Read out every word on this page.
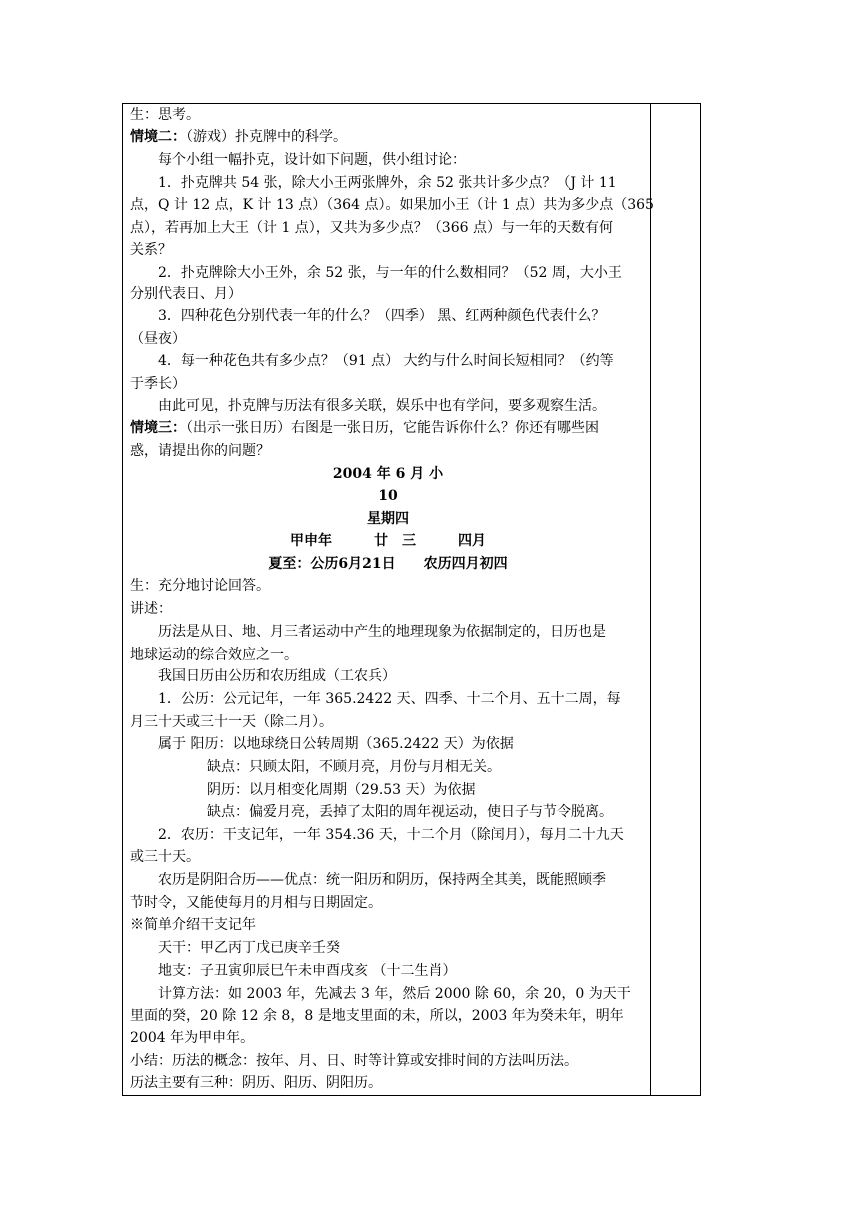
生：思考。
情境二：（游戏）扑克牌中的科学。
每个小组一幅扑克，设计如下问题，供小组讨论：
1．扑克牌共 54 张，除大小王两张牌外，余 52 张共计多少点？（J 计 11
点，Q 计 12 点，K 计 13 点）（364 点）。如果加小王（计 1 点）共为多少点（365
点），若再加上大王（计 1 点），又共为多少点？（366 点）与一年的天数有何
关系？
2．扑克牌除大小王外，余 52 张，与一年的什么数相同？（52 周，大小王
分别代表日、月）
3．四种花色分别代表一年的什么？（四季） 黑、红两种颜色代表什么？
（昼夜）
4．每一种花色共有多少点？（91 点） 大约与什么时间长短相同？（约等
于季长）
由此可见，扑克牌与历法有很多关联，娱乐中也有学问，要多观察生活。
情境三：（出示一张日历）右图是一张日历，它能告诉你什么？你还有哪些困
惑，请提出你的问题？
2004 年 6 月 小
10
星期四
甲申年　　　廿　三　　　四月
夏至：公历6月21日　　农历四月初四
生：充分地讨论回答。
讲述：
历法是从日、地、月三者运动中产生的地理现象为依据制定的，日历也是
地球运动的综合效应之一。
我国日历由公历和农历组成（工农兵）
1．公历：公元记年，一年 365.2422 天、四季、十二个月、五十二周，每
月三十天或三十一天（除二月）。
属于 阳历：以地球绕日公转周期（365.2422 天）为依据
缺点：只顾太阳，不顾月亮，月份与月相无关。
阴历：以月相变化周期（29.53 天）为依据
缺点：偏爱月亮，丢掉了太阳的周年视运动，使日子与节令脱离。
2．农历：干支记年，一年 354.36 天，十二个月（除闰月），每月二十九天
或三十天。
农历是阴阳合历——优点：统一阳历和阴历，保持两全其美，既能照顾季
节时令，又能使每月的月相与日期固定。
※简单介绍干支记年
天干：甲乙丙丁戊已庚辛壬癸
地支：子丑寅卯辰巳午未申酉戌亥 （十二生肖）
计算方法：如 2003 年，先减去 3 年，然后 2000 除 60，余 20，0 为天干
里面的癸，20 除 12 余 8，8 是地支里面的未，所以，2003 年为癸未年，明年
2004 年为甲申年。
小结：历法的概念：按年、月、日、时等计算或安排时间的方法叫历法。
历法主要有三种：阴历、阳历、阴阳历。
